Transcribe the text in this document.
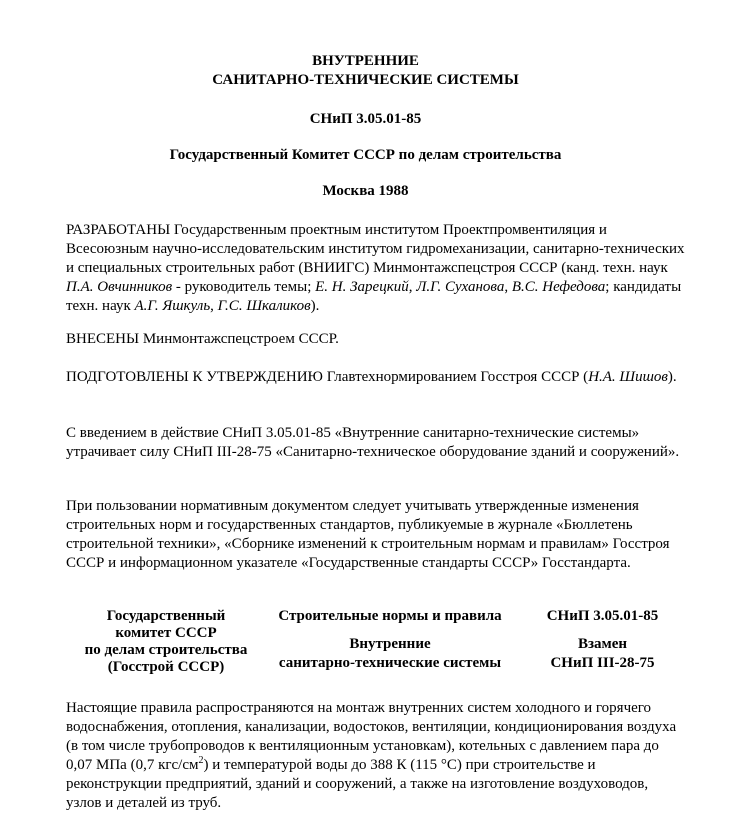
ВНУТРЕННИЕ
САНИТАРНО-ТЕХНИЧЕСКИЕ СИСТЕМЫ
СНиП 3.05.01-85
Государственный Комитет СССР по делам строительства
Москва 1988
РАЗРАБОТАНЫ Государственным проектным институтом Проектпромвентиляция и Всесоюзным научно-исследовательским институтом гидромеханизации, санитарно-технических и специальных строительных работ (ВНИИГС) Минмонтажспецстроя СССР (канд. техн. наук П.А. Овчинников - руководитель темы; Е. Н. Зарецкий, Л.Г. Суханова, В.С. Нефедова; кандидаты техн. наук А.Г. Яшкуль, Г.С. Шкаликов).
ВНЕСЕНЫ Минмонтажспецстроем СССР.
ПОДГОТОВЛЕНЫ К УТВЕРЖДЕНИЮ Главтехнормированием Госстроя СССР (Н.А. Шишов).
С введением в действие СНиП 3.05.01-85 «Внутренние санитарно-технические системы» утрачивает силу СНиП III-28-75 «Санитарно-техническое оборудование зданий и сооружений».
При пользовании нормативным документом следует учитывать утвержденные изменения строительных норм и государственных стандартов, публикуемые в журнале «Бюллетень строительной техники», «Сборнике изменений к строительным нормам и правилам» Госстроя СССР и информационном указателе «Государственные стандарты СССР» Госстандарта.
Государственный
комитет СССР
по делам строительства
(Госстрой СССР)
Строительные нормы и правила
Внутренние
санитарно-технические системы
СНиП 3.05.01-85
Взамен
СНиП III-28-75
Настоящие правила распространяются на монтаж внутренних систем холодного и горячего водоснабжения, отопления, канализации, водостоков, вентиляции, кондиционирования воздуха (в том числе трубопроводов к вентиляционным установкам), котельных с давлением пара до 0,07 МПа (0,7 кгс/$см^2$) и температурой воды до 388 К (115 °С) при строительстве и реконструкции предприятий, зданий и сооружений, а также на изготовление воздуховодов, узлов и деталей из труб.
